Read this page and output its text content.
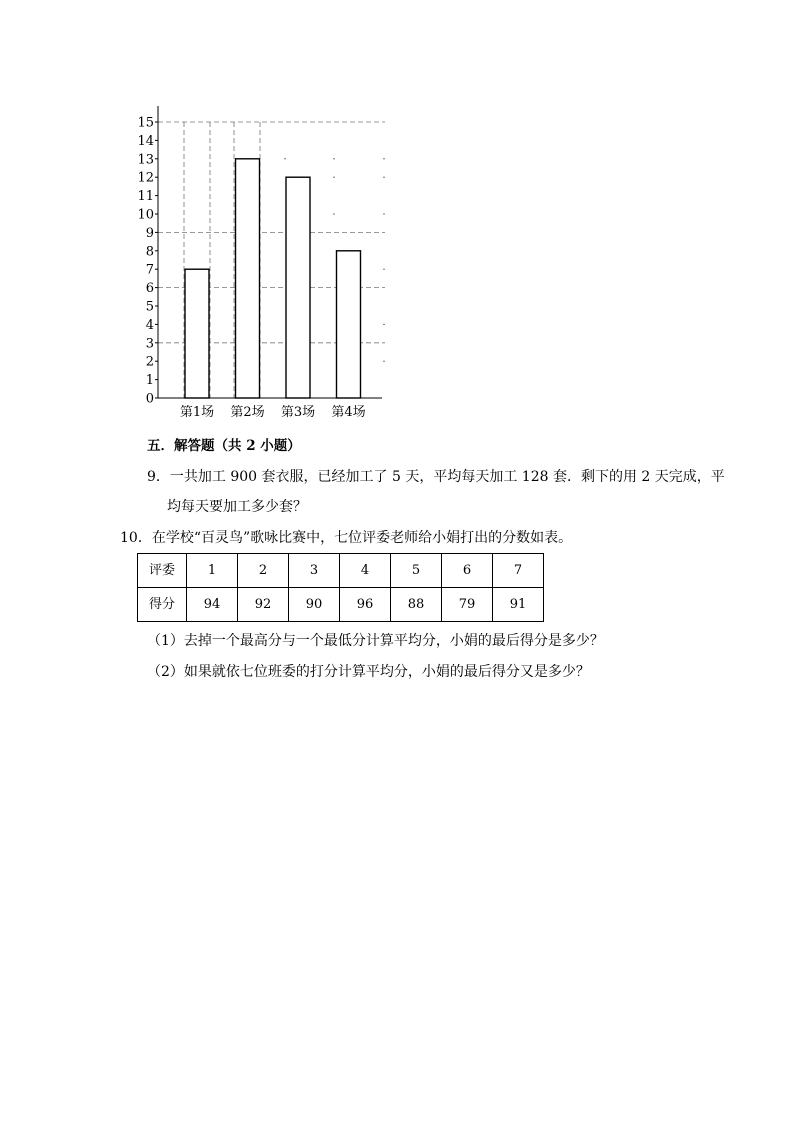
0
1
2
3
4
5
6
7
8
9
10
11
12
13
14
15
第1场 第2场 第3场 第4场
五．解答题（共 2 小题）
9．一共加工 900 套衣服，已经加工了 5 天，平均每天加工 128 套．剩下的用 2 天完成，平
均每天要加工多少套？
10．在学校“百灵鸟”歌咏比赛中，七位评委老师给小娟打出的分数如表。
评委	1	2	3	4	5	6	7
得分	94	92	90	96	88	79	91
（1）去掉一个最高分与一个最低分计算平均分，小娟的最后得分是多少？
（2）如果就依七位班委的打分计算平均分，小娟的最后得分又是多少？
